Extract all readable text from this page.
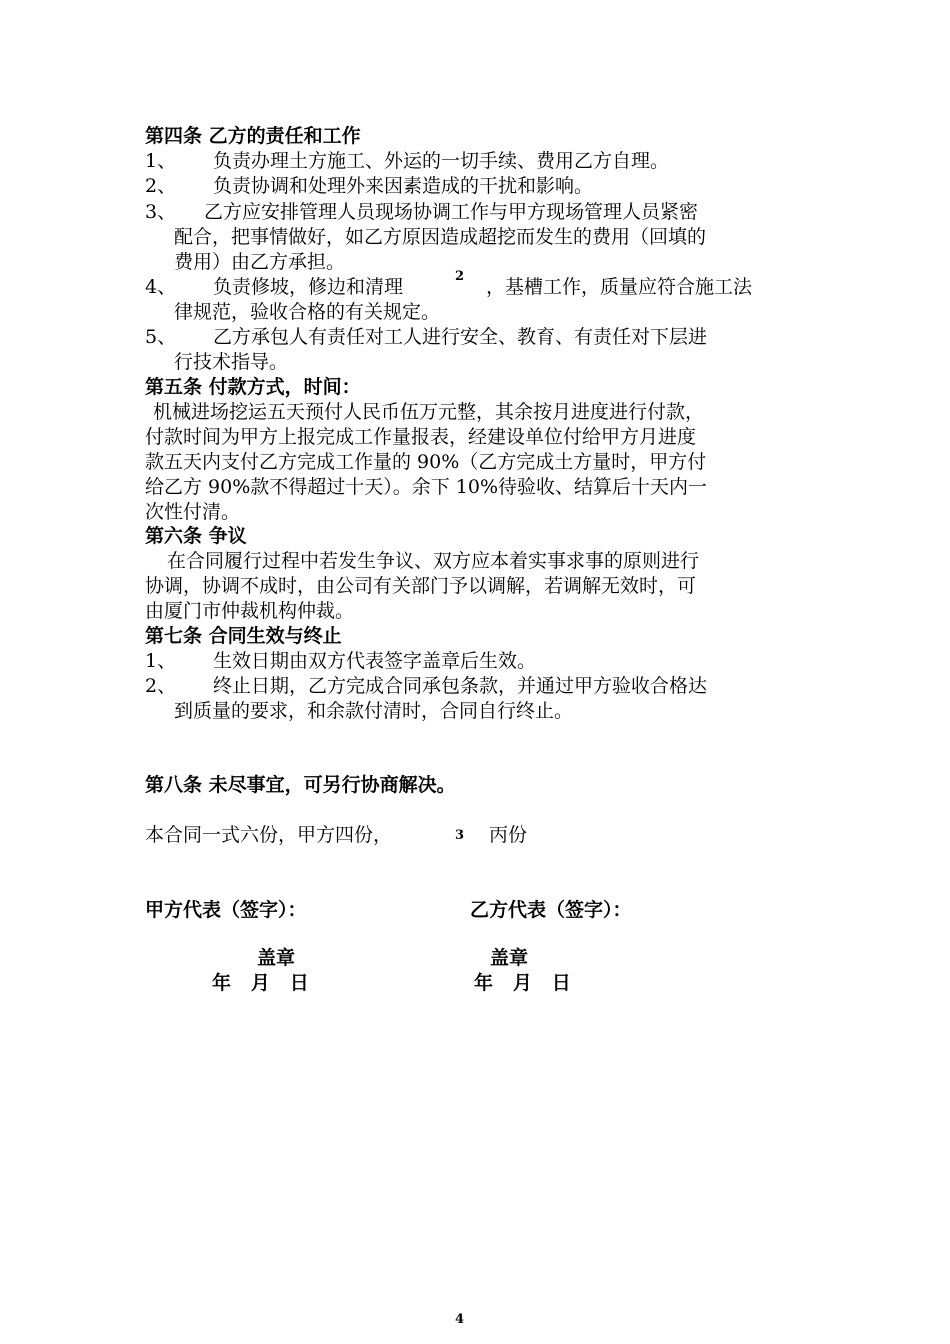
第四条 乙方的责任和工作
1、 负责办理土方施工、外运的一切手续、费用乙方自理。
2、 负责协调和处理外来因素造成的干扰和影响。
3、 乙方应安排管理人员现场协调工作与甲方现场管理人员紧密
配合，把事情做好，如乙方原因造成超挖而发生的费用（回填的
费用）由乙方承担。
4、 负责修坡，修边和清理	2 ，基槽工作，质量应符合施工法
律规范，验收合格的有关规定。
5、 乙方承包人有责任对工人进行安全、教育、有责任对下层进
行技术指导。
第五条 付款方式，时间：
机械进场挖运五天预付人民币伍万元整，其余按月进度进行付款，
付款时间为甲方上报完成工作量报表，经建设单位付给甲方月进度
款五天内支付乙方完成工作量的 90%（乙方完成土方量时，甲方付
给乙方 90%款不得超过十天）。余下 10%待验收、结算后十天内一
次性付清。
第六条 争议
在合同履行过程中若发生争议、双方应本着实事求事的原则进行
协调，协调不成时，由公司有关部门予以调解，若调解无效时，可
由厦门市仲裁机构仲裁。
第七条 合同生效与终止
1、 生效日期由双方代表签字盖章后生效。
2、 终止日期，乙方完成合同承包条款，并通过甲方验收合格达
到质量的要求，和余款付清时，合同自行终止。
第八条 未尽事宜，可另行协商解决。
本合同一式六份，甲方四份，	3 丙份
甲方代表（签字）：	乙方代表（签字）：
盖章	盖章
年   月   日	年   月   日
4
